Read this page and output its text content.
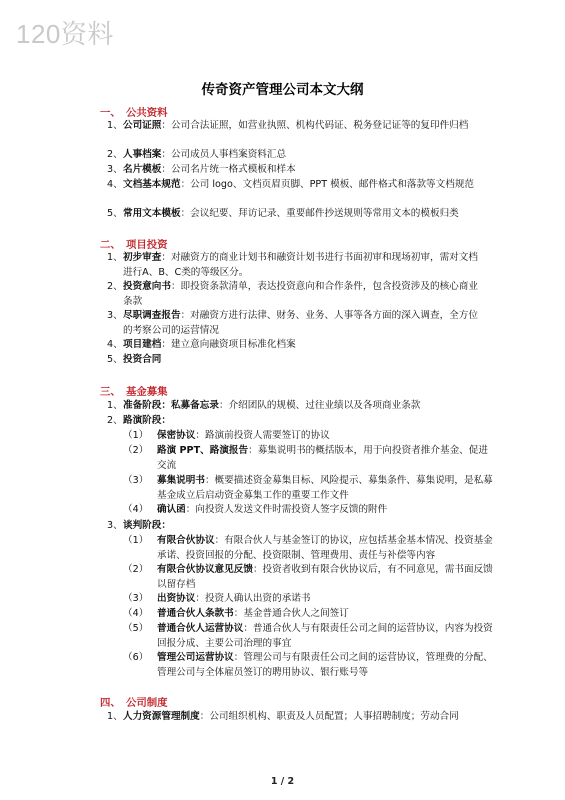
120资料
传奇资产管理公司本文大纲
一、 公共资料
1、 公司证照：公司合法证照，如营业执照、机构代码证、税务登记证等的复印件归档
2、 人事档案：公司成员人事档案资料汇总
3、 名片模板：公司名片统一格式模板和样本
4、 文档基本规范：公司 logo、文档页眉页脚、PPT 模板、邮件格式和落款等文档规范
5、 常用文本模板：会议纪要、拜访记录、重要邮件抄送规则等常用文本的模板归类
二、 项目投资
1、 初步审查：对融资方的商业计划书和融资计划书进行书面初审和现场初审，需对文档进行A、B、C类的等级区分。
2、 投资意向书：即投资条款清单，表达投资意向和合作条件，包含投资涉及的核心商业条款
3、 尽职调查报告：对融资方进行法律、财务、业务、人事等各方面的深入调查，全方位的考察公司的运营情况
4、 项目建档：建立意向融资项目标准化档案
5、 投资合同
三、 基金募集
1、 准备阶段：私募备忘录：介绍团队的规模、过往业绩以及各项商业条款
2、 路演阶段：
（1） 保密协议：路演前投资人需要签订的协议
（2） 路演 PPT、路演报告：募集说明书的概括版本，用于向投资者推介基金、促进交流
（3） 募集说明书：概要描述资金募集目标、风险提示、募集条件、募集说明，是私募基金成立后启动资金募集工作的重要工作文件
（4） 确认函：向投资人发送文件时需投资人签字反馈的附件
3、 谈判阶段：
（1） 有限合伙协议：有限合伙人与基金签订的协议，应包括基金基本情况、投资基金承诺、投资回报的分配、投资限制、管理费用、责任与补偿等内容
（2） 有限合伙协议意见反馈：投资者收到有限合伙协议后，有不同意见，需书面反馈以留存档
（3） 出资协议：投资人确认出资的承诺书
（4） 普通合伙人条款书：基金普通合伙人之间签订
（5） 普通合伙人运营协议：普通合伙人与有限责任公司之间的运营协议，内容为投资回报分成、主要公司治理的事宜
（6） 管理公司运营协议：管理公司与有限责任公司之间的运营协议，管理费的分配、管理公司与全体雇员签订的聘用协议、银行账号等
四、 公司制度
1、 人力资源管理制度：公司组织机构、职责及人员配置；人事招聘制度；劳动合同
1 / 2
